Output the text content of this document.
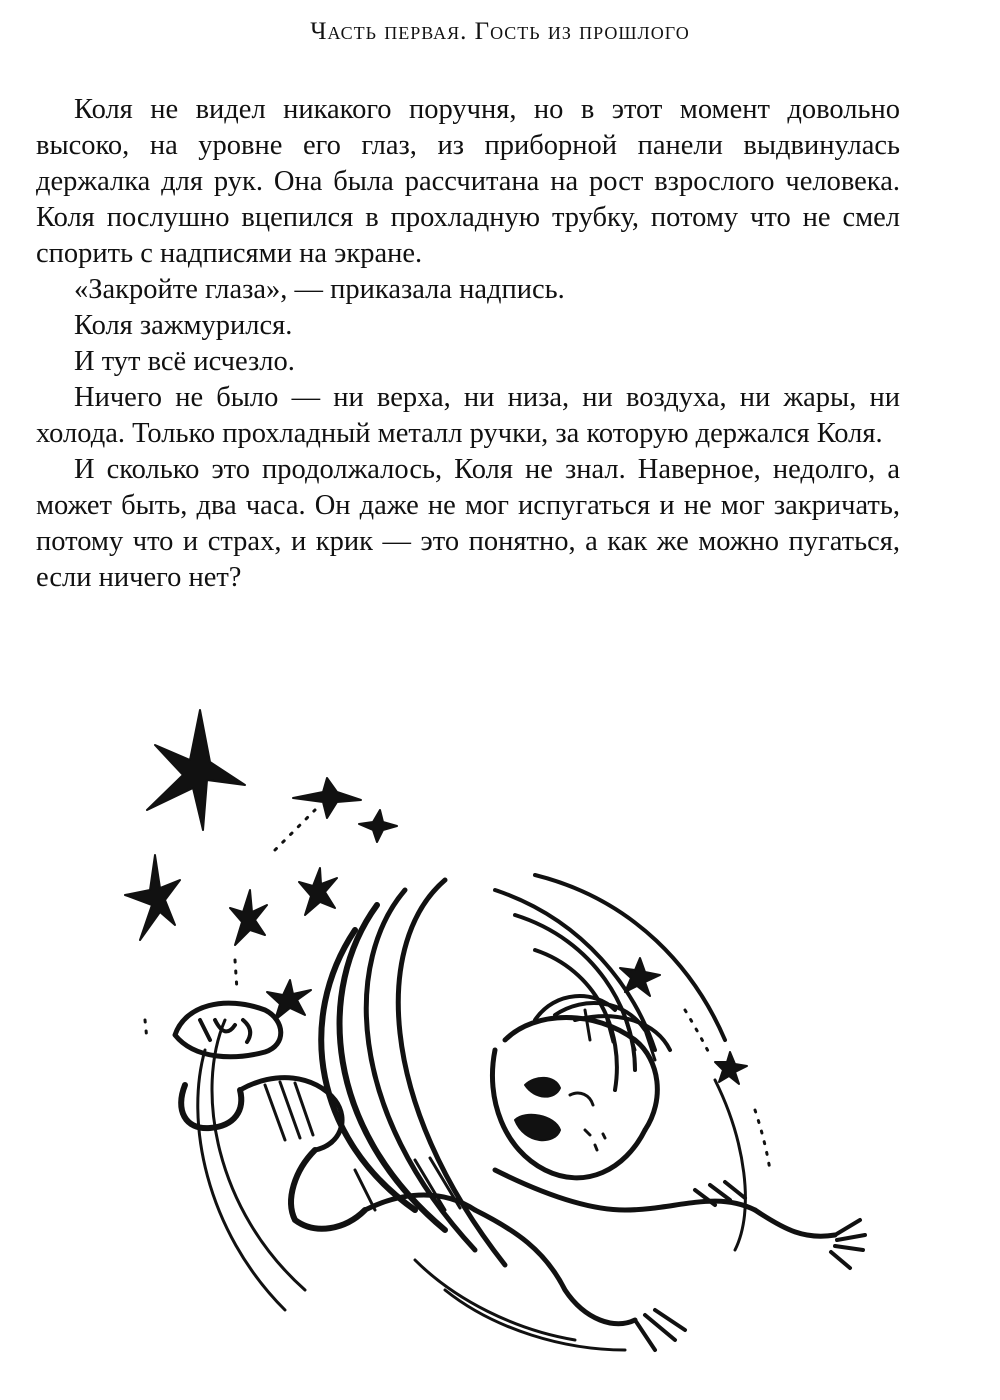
Часть первая. Гость из прошлого

Коля не видел никакого поручня, но в этот момент довольно высоко, на уровне его глаз, из приборной панели выдвинулась держалка для рук. Она была рассчитана на рост взрослого человека. Коля послушно вцепился в прохладную трубку, потому что не смел спорить с надписями на экране.

«Закройте глаза», — приказала надпись.

Коля зажмурился.

И тут всё исчезло.

Ничего не было — ни верха, ни низа, ни воздуха, ни жары, ни холода. Только прохладный металл ручки, за которую держался Коля.

И сколько это продолжалось, Коля не знал. Наверное, недолго, а может быть, два часа. Он даже не мог испугаться и не мог закричать, потому что и страх, и крик — это понятно, а как же можно пугаться, если ничего нет?
